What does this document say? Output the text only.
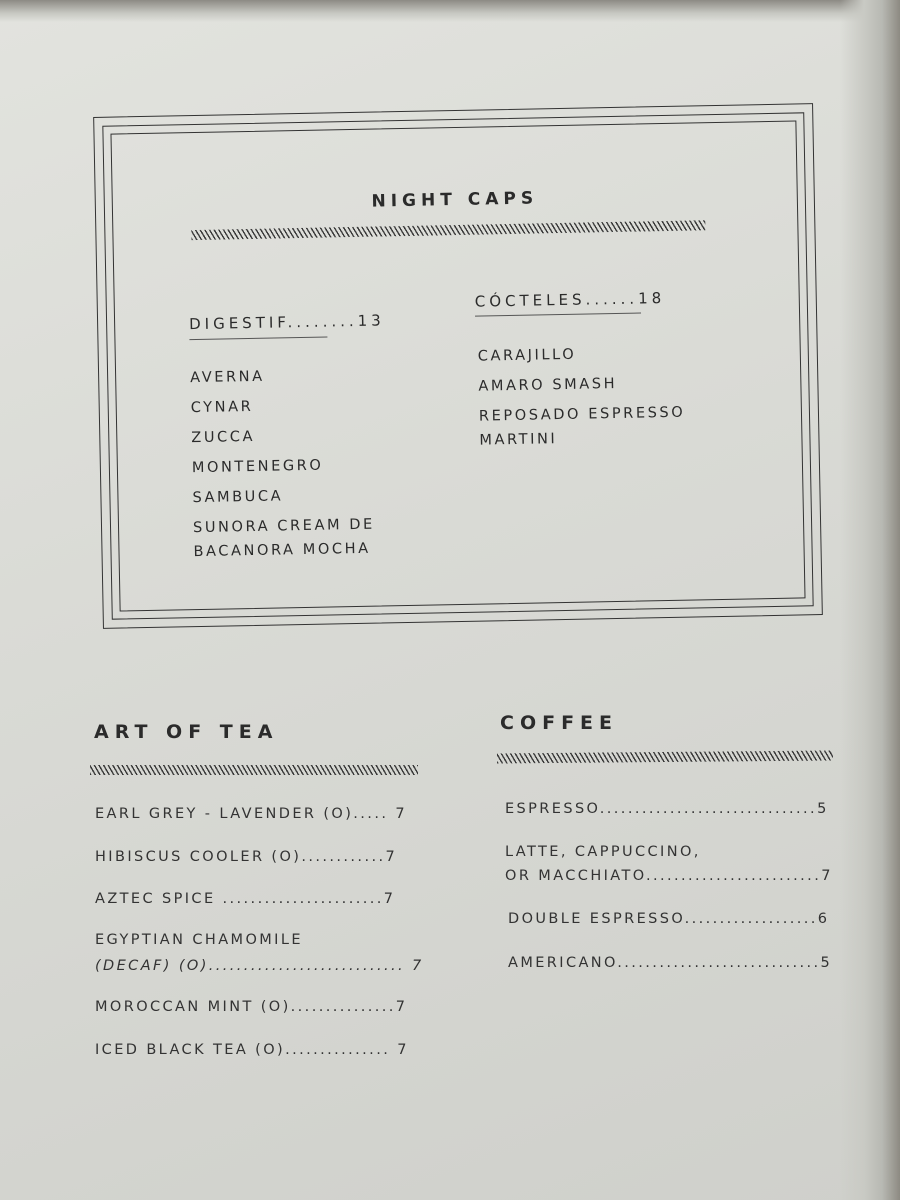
NIGHT CAPS
DIGESTIF........13
AVERNA
CYNAR
ZUCCA
MONTENEGRO
SAMBUCA
SUNORA CREAM DE
BACANORA MOCHA
CÓCTELES......18
CARAJILLO
AMARO SMASH
REPOSADO ESPRESSO
MARTINI
ART OF TEA
EARL GREY - LAVENDER (O)..... 7
HIBISCUS COOLER (O)............7
AZTEC SPICE .......................7
EGYPTIAN CHAMOMILE
(DECAF) (O)............................ 7
MOROCCAN MINT (O)...............7
ICED BLACK TEA (O)............... 7
COFFEE
ESPRESSO...............................5
LATTE, CAPPUCCINO,
OR MACCHIATO.........................7
DOUBLE ESPRESSO...................6
AMERICANO.............................5
